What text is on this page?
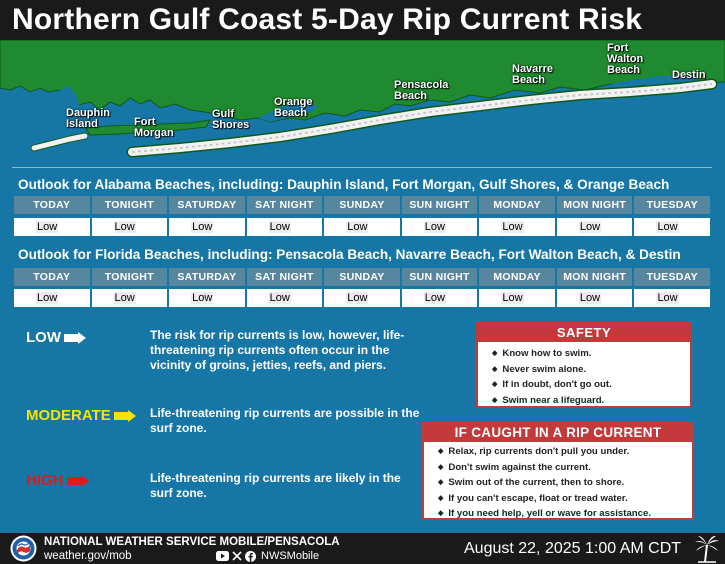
Northern Gulf Coast 5-Day Rip Current Risk
Dauphin
Island	Fort
Morgan
Gulf
Shores
Orange
Beach
Pensacola
Beach
Navarre
Beach
Fort
Walton
Beach	Destin
Outlook for Alabama Beaches, including: Dauphin Island, Fort Morgan, Gulf Shores, & Orange Beach
TODAY	TONIGHT	SATURDAY	SAT NIGHT	SUNDAY	SUN NIGHT	MONDAY	MON NIGHT	TUESDAY
Low	Low	Low	Low	Low	Low	Low	Low	Low
Outlook for Florida Beaches, including: Pensacola Beach, Navarre Beach, Fort Walton Beach, & Destin
TODAY	TONIGHT	SATURDAY	SAT NIGHT	SUNDAY	SUN NIGHT	MONDAY	MON NIGHT	TUESDAY
Low	Low	Low	Low	Low	Low	Low	Low	Low
LOW	The risk for rip currents is low, however, life-threatening rip currents often occur in the vicinity of groins, jetties, reefs, and piers.
MODERATE	Life-threatening rip currents are possible in the surf zone.
HIGH	Life-threatening rip currents are likely in the surf zone.
SAFETY
◆ Know how to swim.
◆ Never swim alone.
◆ If in doubt, don't go out.
◆ Swim near a lifeguard.
IF CAUGHT IN A RIP CURRENT
◆ Relax, rip currents don't pull you under.
◆ Don't swim against the current.
◆ Swim out of the current, then to shore.
◆ If you can't escape, float or tread water.
◆ If you need help, yell or wave for assistance.
NATIONAL WEATHER SERVICE MOBILE/PENSACOLA
weather.gov/mob	NWSMobile	August 22, 2025 1:00 AM CDT
